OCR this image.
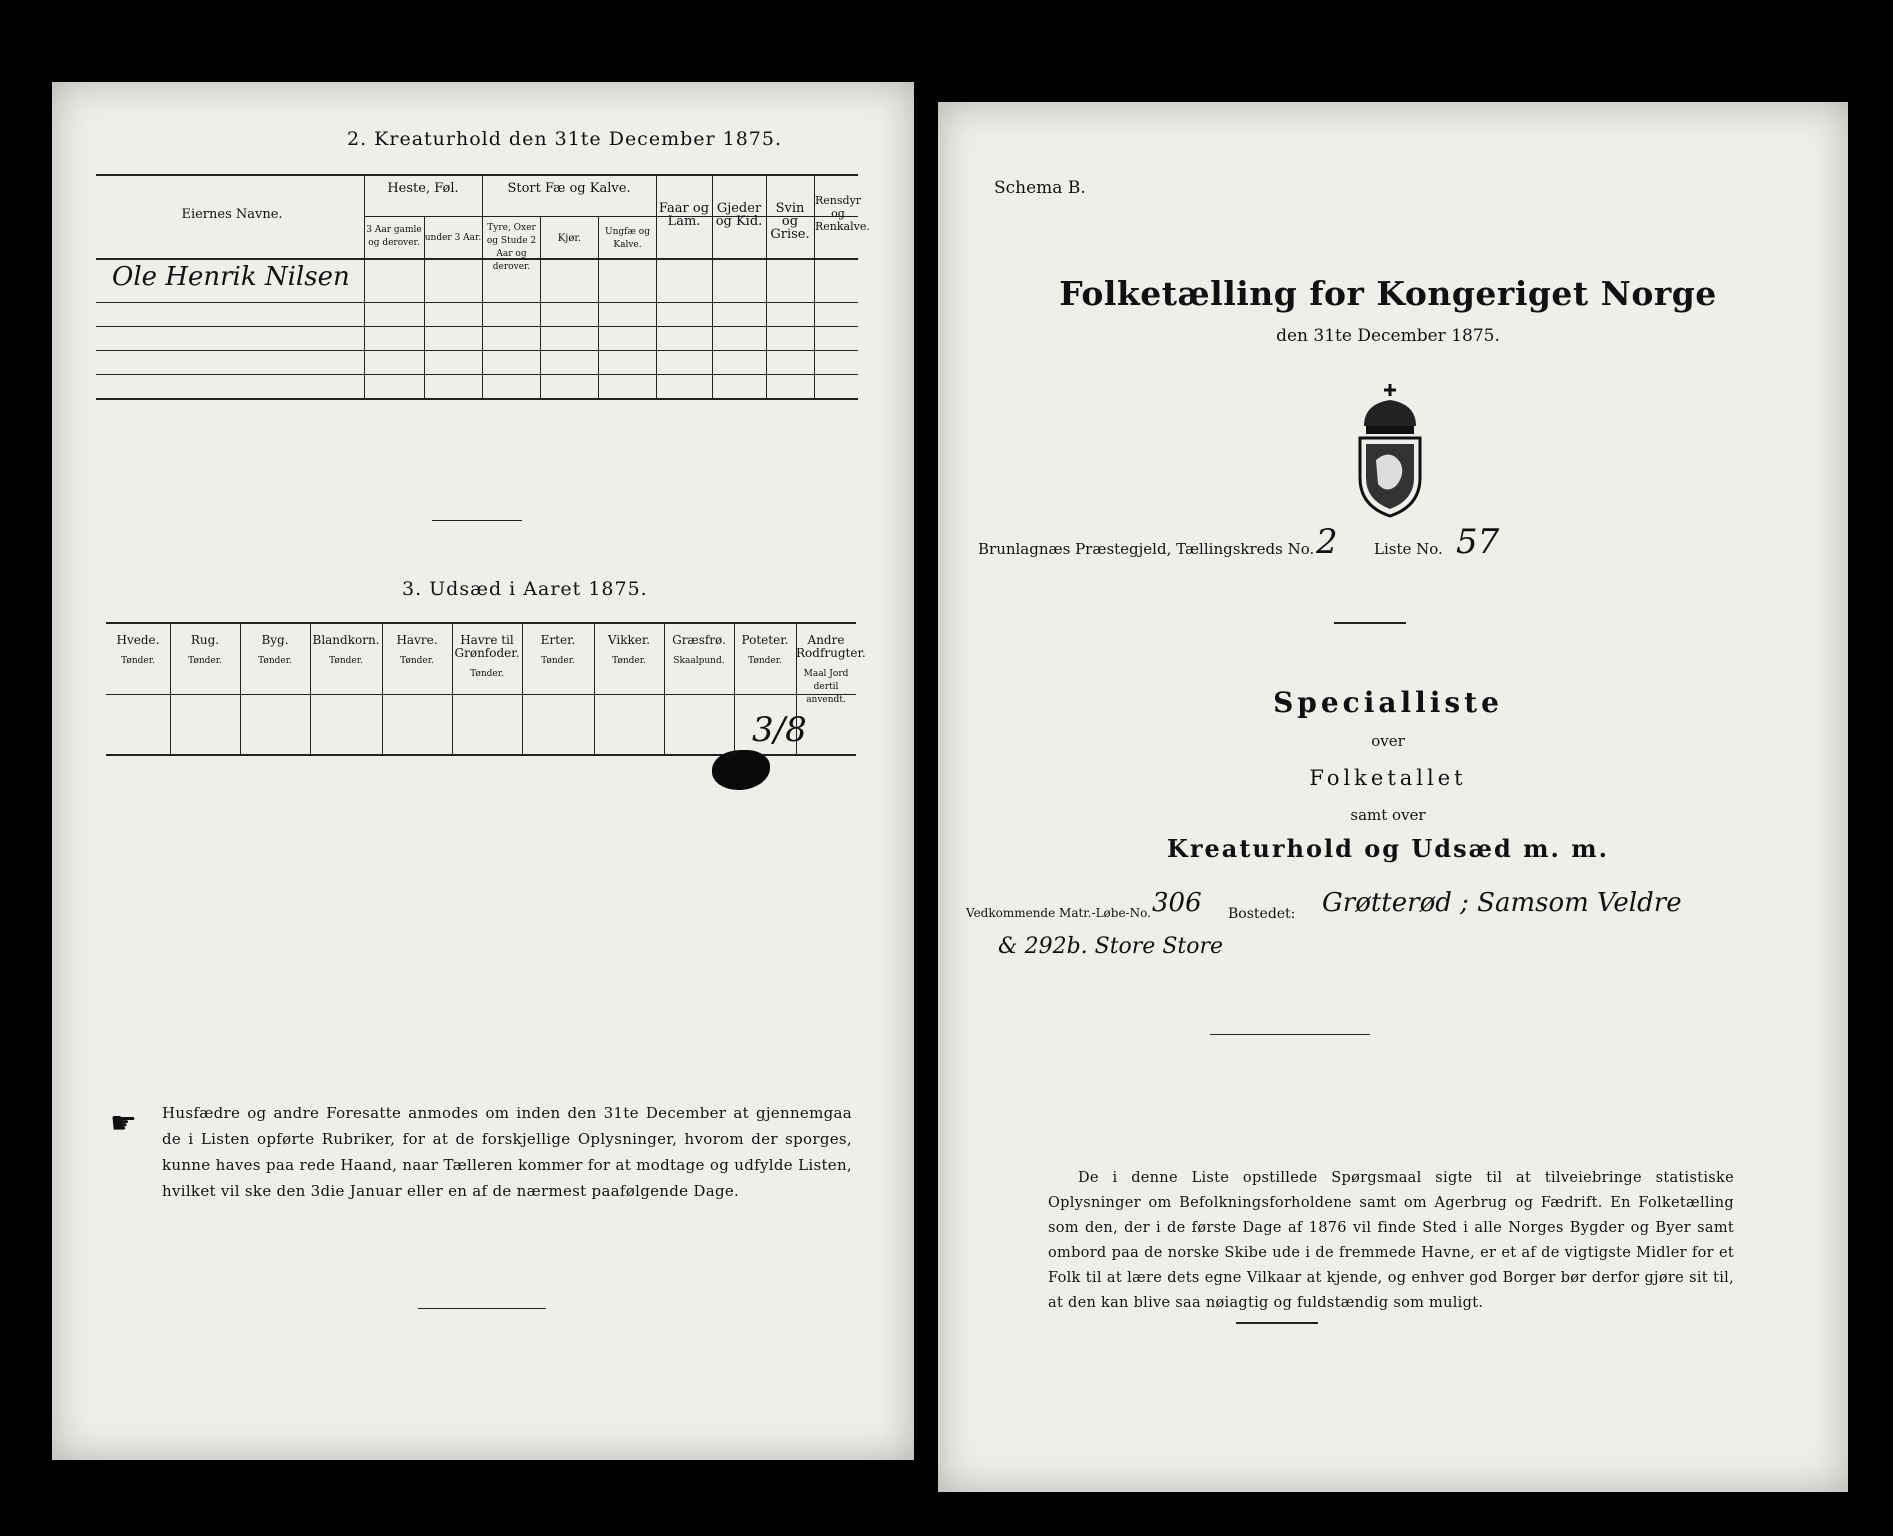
2. Kreaturhold den 31te December 1875.
Eiernes Navne.
Heste, Føl.	Stort Fæ og Kalve.
Faar og Lam.
Gjeder og Kid.
Svin og Grise.
Rensdyr og Renkalve.
3 Aar gamle og derover. under 3 Aar.
Tyre, Oxer og Stude 2 Aar og derover.
Kjør.
Ungfæ og Kalve.
Ole Henrik Nilsen
3. Udsæd i Aaret 1875.
3/8
☛ Husfædre og andre Foresatte anmodes om inden den 31te December at gjennemgaa de i Listen opførte Rubriker, for at de forskjellige Oplysninger, hvorom der sporges, kunne haves paa rede Haand, naar Tælleren kommer for at modtage og udfylde Listen, hvilket vil ske den 3die Januar eller en af de nærmest paafølgende Dage.
Hvede.
Tønder.
Rug.
Tønder.
Byg.
Tønder.
Blandkorn.
Tønder.
Havre.
Tønder.
Havre til Grønfoder.
Tønder.
Erter.
Tønder.
Vikker.
Tønder.
Græsfrø.
Skaalpund.
Poteter.
Tønder.
Andre Rodfrugter.
Maal Jord dertil anvendt.
Schema B.
Folketælling for Kongeriget Norge
den 31te December 1875.
Brunlagnæs Præstegjeld, Tællingskreds No. 2 Liste No. 57
Specialliste
over
Folketallet
samt over
Kreaturhold og Udsæd m. m.
Vedkommende Matr.-Løbe-No. 306 Bostedet: Grøtterød ; Samsom Veldre
& 292b. Store Store
De i denne Liste opstillede Spørgsmaal sigte til at tilveiebringe statistiske Oplysninger om Befolkningsforholdene samt om Agerbrug og Fædrift. En Folketælling som den, der i de første Dage af 1876 vil finde Sted i alle Norges Bygder og Byer samt ombord paa de norske Skibe ude i de fremmede Havne, er et af de vigtigste Midler for et Folk til at lære dets egne Vilkaar at kjende, og enhver god Borger bør derfor gjøre sit til, at den kan blive saa nøiagtig og fuldstændig som muligt.
